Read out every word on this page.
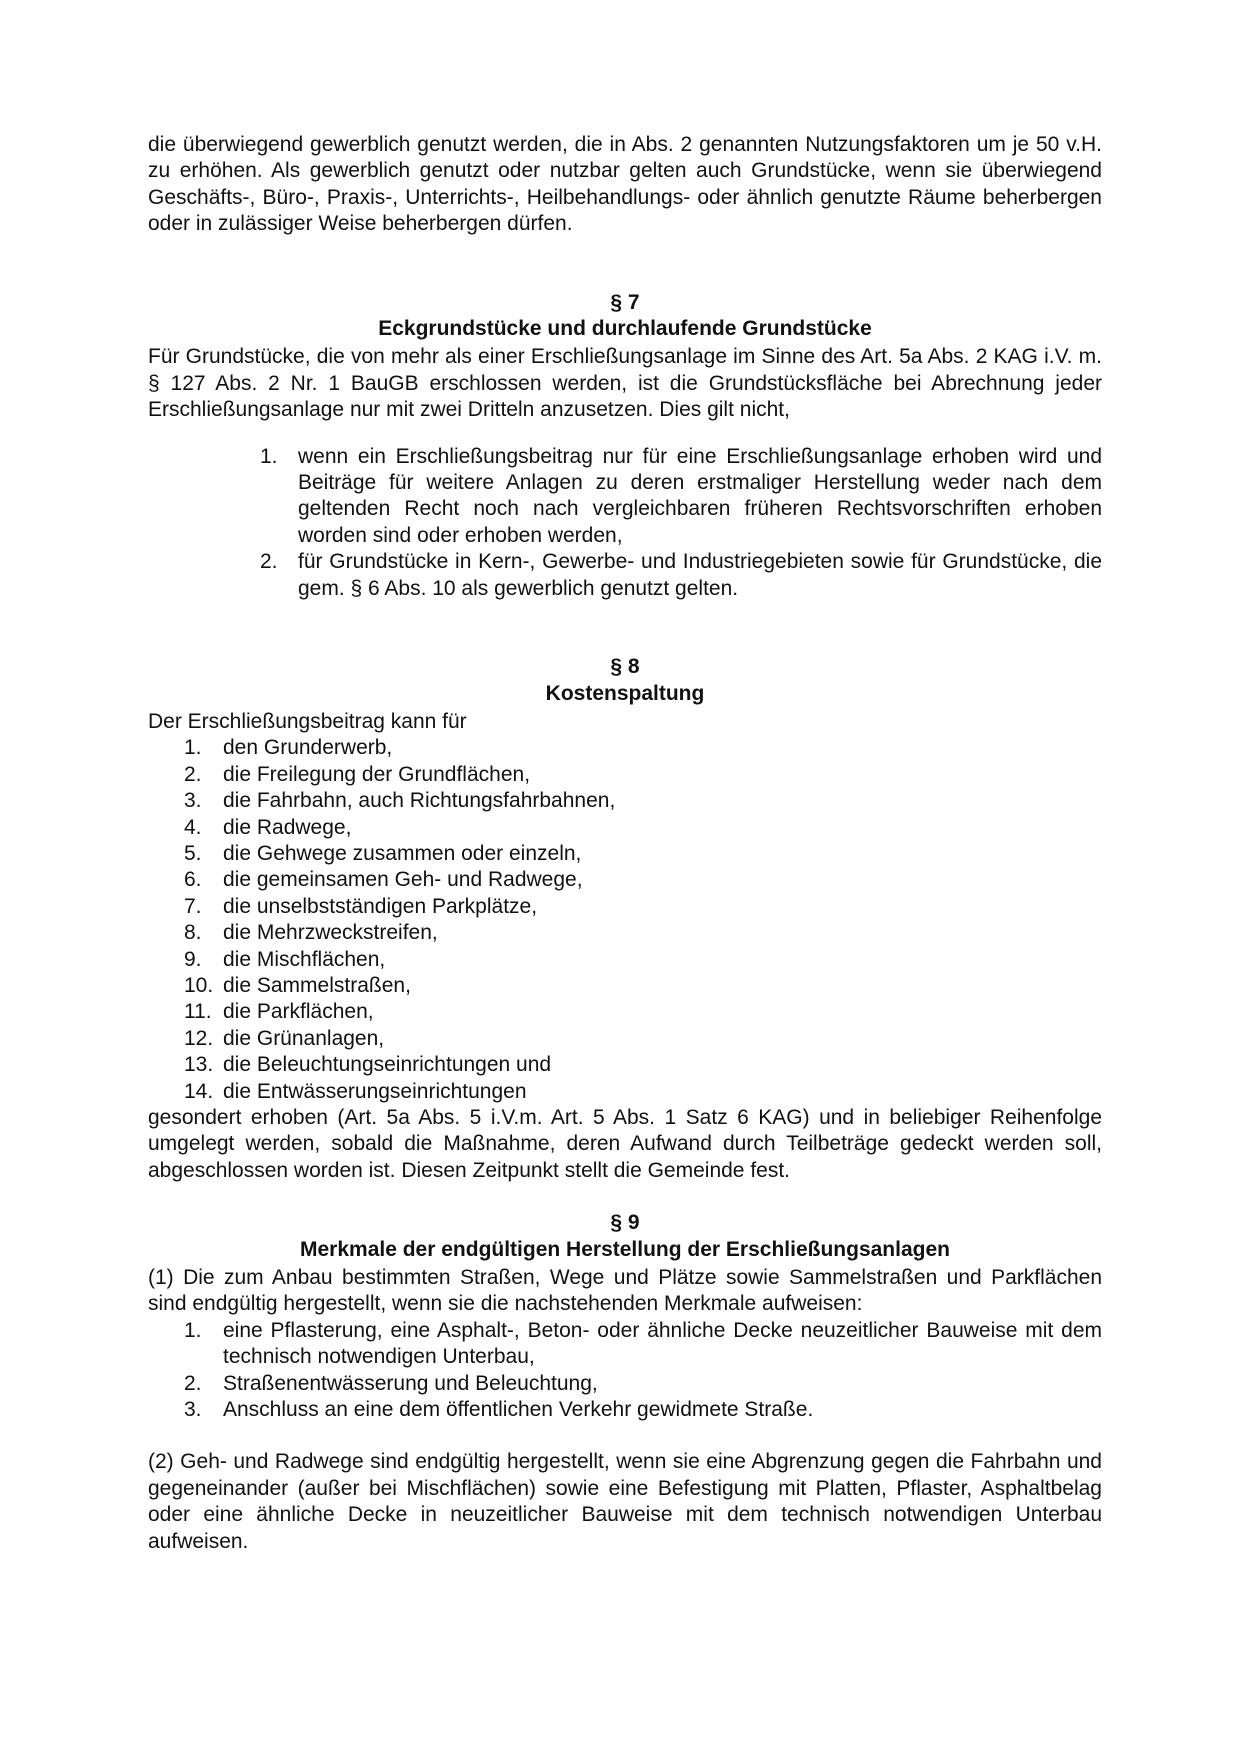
die überwiegend gewerblich genutzt werden, die in Abs. 2 genannten Nutzungsfaktoren um je 50 v.H. zu erhöhen. Als gewerblich genutzt oder nutzbar gelten auch Grundstücke, wenn sie überwiegend Geschäfts-, Büro-, Praxis-, Unterrichts-, Heilbehandlungs- oder ähnlich genutzte Räume beherbergen oder in zulässiger Weise beherbergen dürfen.

§ 7
Eckgrundstücke und durchlaufende Grundstücke

Für Grundstücke, die von mehr als einer Erschließungsanlage im Sinne des Art. 5a Abs. 2 KAG i.V. m. § 127 Abs. 2 Nr. 1 BauGB erschlossen werden, ist die Grundstücksfläche bei Abrechnung jeder Erschließungsanlage nur mit zwei Dritteln anzusetzen. Dies gilt nicht,

1. wenn ein Erschließungsbeitrag nur für eine Erschließungsanlage erhoben wird und Beiträge für weitere Anlagen zu deren erstmaliger Herstellung weder nach dem geltenden Recht noch nach vergleichbaren früheren Rechtsvorschriften erhoben worden sind oder erhoben werden,
2. für Grundstücke in Kern-, Gewerbe- und Industriegebieten sowie für Grundstücke, die gem. § 6 Abs. 10 als gewerblich genutzt gelten.
§ 8
Kostenspaltung

Der Erschließungsbeitrag kann für

1. den Grunderwerb,
2. die Freilegung der Grundflächen,
3. die Fahrbahn, auch Richtungsfahrbahnen,
4. die Radwege,
5. die Gehwege zusammen oder einzeln,
6. die gemeinsamen Geh- und Radwege,
7. die unselbstständigen Parkplätze,
8. die Mehrzweckstreifen,
9. die Mischflächen,
10. die Sammelstraßen,
11. die Parkflächen,
12. die Grünanlagen,
13. die Beleuchtungseinrichtungen und
14. die Entwässerungseinrichtungen

gesondert erhoben (Art. 5a Abs. 5 i.V.m. Art. 5 Abs. 1 Satz 6 KAG) und in beliebiger Reihenfolge umgelegt werden, sobald die Maßnahme, deren Aufwand durch Teilbeträge gedeckt werden soll, abgeschlossen worden ist. Diesen Zeitpunkt stellt die Gemeinde fest.

§ 9
Merkmale der endgültigen Herstellung der Erschließungsanlagen

(1) Die zum Anbau bestimmten Straßen, Wege und Plätze sowie Sammelstraßen und Parkflächen sind endgültig hergestellt, wenn sie die nachstehenden Merkmale aufweisen:

1. eine Pflasterung, eine Asphalt-, Beton- oder ähnliche Decke neuzeitlicher Bauweise mit dem technisch notwendigen Unterbau,
2. Straßenentwässerung und Beleuchtung,
3. Anschluss an eine dem öffentlichen Verkehr gewidmete Straße.

(2) Geh- und Radwege sind endgültig hergestellt, wenn sie eine Abgrenzung gegen die Fahrbahn und gegeneinander (außer bei Mischflächen) sowie eine Befestigung mit Platten, Pflaster, Asphaltbelag oder eine ähnliche Decke in neuzeitlicher Bauweise mit dem technisch notwendigen Unterbau aufweisen.
